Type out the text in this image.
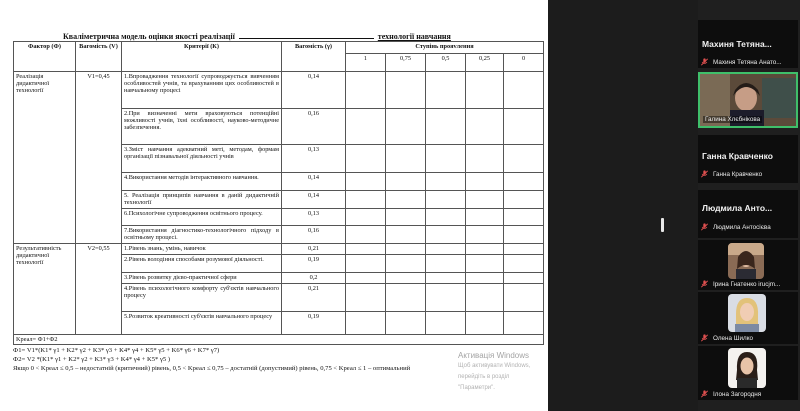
Кваліметрична модель оцінки якості реалізації	технології навчання
Фактор (Ф)	Вагомість (V)	Критерії (К)	Вагомість (γ)	Ступінь прояvлення				
				1	0,75	0,5	0,25	0
Реалізація дидактичної технології	V1=0,45	1.Впровадження технології супроводжується вивченням особливостей учнів, та врахуванням цих особливостей в навчальному процесі	0,14					
		2.При визначенні мети враховуються потенційні можливості учнів, їхні особливості, науково-методичне забезпечення.	0,16					
		3.Зміст навчання адекватний меті, методам, формам організації пізнавальної діяльності учнів	0,13					
		4.Використання методів інтерактивного навчання.	0,14					
		5. Реалізація принципів навчання в даній дидактичній технології	0,14					
		6.Психологічне супроводження освітнього процесу.	0,13					
		7.Використання діагностико-технологічного підходу в освітньому процесі.	0,16					
Результативність дидактичної технології	V2=0,55	1.Рівень знань, умінь, навичок	0,21					
		2.Рівень володіння способами розумової діяльності.	0,19					
		3.Рівень розвитку дієво-практичної сфери	0,2					
		4.Рівень психологічного комфорту суб'єктів навчального процесу	0,21					
		5.Розвиток креативності суб'єктів навчального процесу	0,19					
Kреал= Ф1+Ф2								
Ф1= V1*(K1* γ1 + K2* γ2 + K3* γ3 + K4* γ4 + K5* γ5 + K6* γ6 + K7* γ7)
Ф2= V2 *(K1* γ1 + K2* γ2 + K3* γ3 + K4* γ4 + K5* γ5 )
Якщо 0 < Kреал ≤ 0,5 – недостатній (критичний) рівень, 0,5 < Kреал ≤ 0,75 – достатній (допустимий) рівень, 0,75 < Kреал ≤ 1 – оптимальний
Активація Windows
Щоб активувати Windows, перейдіть в розділ "Параметри".
Махиня Тетяна...
Махиня Тетяна Анато...
Галина Хлєбнікова
Ганна Кравченко
Ганна Кравченко
Людмила Анто...
Людмила Антосієва
Ірина Гнатенко irucjm...
Олена Шилко
Ілона Загородня
